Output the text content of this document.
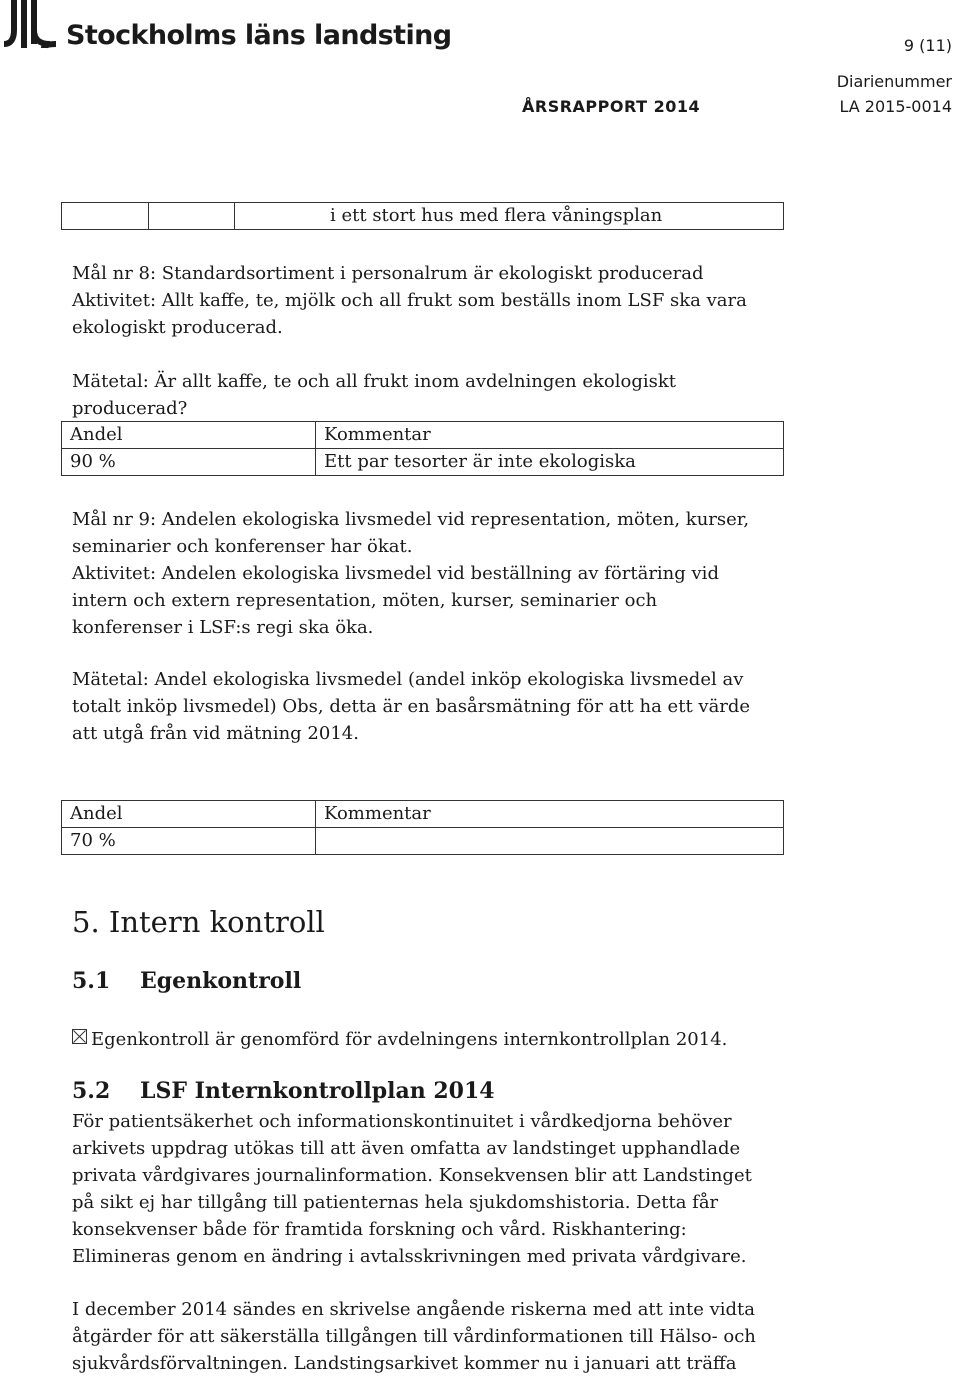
Stockholms läns landsting	9 (11)
Diarienummer
ÅRSRAPPORT 2014	LA 2015-0014
		i ett stort hus med flera våningsplan
Mål nr 8: Standardsortiment i personalrum är ekologiskt producerad
Aktivitet: Allt kaffe, te, mjölk och all frukt som beställs inom LSF ska vara
ekologiskt producerad.
Mätetal: Är allt kaffe, te och all frukt inom avdelningen ekologiskt
producerad?
Andel	Kommentar
90 %	Ett par tesorter är inte ekologiska
Mål nr 9: Andelen ekologiska livsmedel vid representation, möten, kurser,
seminarier och konferenser har ökat.
Aktivitet: Andelen ekologiska livsmedel vid beställning av förtäring vid
intern och extern representation, möten, kurser, seminarier och
konferenser i LSF:s regi ska öka.
Mätetal: Andel ekologiska livsmedel (andel inköp ekologiska livsmedel av
totalt inköp livsmedel) Obs, detta är en basårsmätning för att ha ett värde
att utgå från vid mätning 2014.
Andel	Kommentar
70 %	
5. Intern kontroll
5.1 Egenkontroll
Egenkontroll är genomförd för avdelningens internkontrollplan 2014.
5.2 LSF Internkontrollplan 2014
För patientsäkerhet och informationskontinuitet i vårdkedjorna behöver
arkivets uppdrag utökas till att även omfatta av landstinget upphandlade
privata vårdgivares journalinformation. Konsekvensen blir att Landstinget
på sikt ej har tillgång till patienternas hela sjukdomshistoria. Detta får
konsekvenser både för framtida forskning och vård. Riskhantering:
Elimineras genom en ändring i avtalsskrivningen med privata vårdgivare.
I december 2014 sändes en skrivelse angående riskerna med att inte vidta
åtgärder för att säkerställa tillgången till vårdinformationen till Hälso- och
sjukvårdsförvaltningen. Landstingsarkivet kommer nu i januari att träffa
